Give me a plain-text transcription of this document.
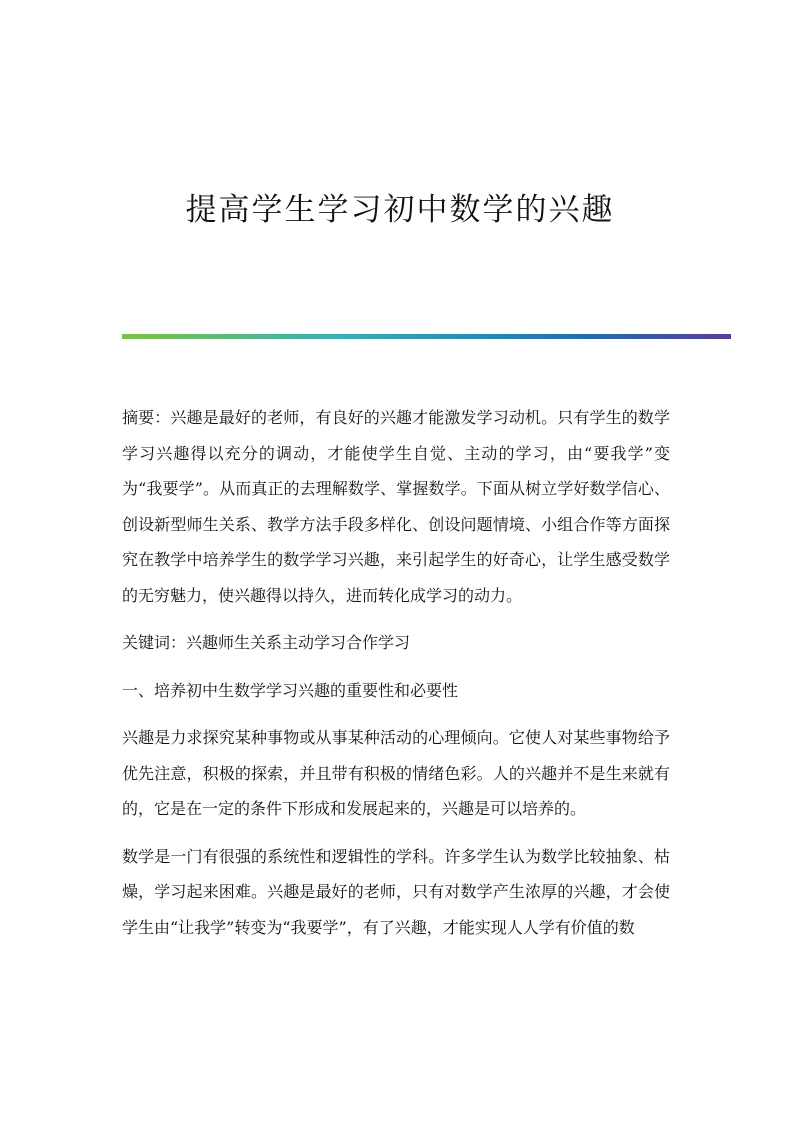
提高学生学习初中数学的兴趣

摘要：兴趣是最好的老师，有良好的兴趣才能激发学习动机。只有学生的数学学习兴趣得以充分的调动，才能使学生自觉、主动的学习，由“要我学”变为“我要学”。从而真正的去理解数学、掌握数学。下面从树立学好数学信心、创设新型师生关系、教学方法手段多样化、创设问题情境、小组合作等方面探究在教学中培养学生的数学学习兴趣，来引起学生的好奇心，让学生感受数学的无穷魅力，使兴趣得以持久，进而转化成学习的动力。

关键词：兴趣师生关系主动学习合作学习

一、培养初中生数学学习兴趣的重要性和必要性

兴趣是力求探究某种事物或从事某种活动的心理倾向。它使人对某些事物给予优先注意，积极的探索，并且带有积极的情绪色彩。人的兴趣并不是生来就有的，它是在一定的条件下形成和发展起来的，兴趣是可以培养的。

数学是一门有很强的系统性和逻辑性的学科。许多学生认为数学比较抽象、枯燥，学习起来困难。兴趣是最好的老师，只有对数学产生浓厚的兴趣，才会使学生由“让我学”转变为“我要学”，有了兴趣，才能实现人人学有价值的数
